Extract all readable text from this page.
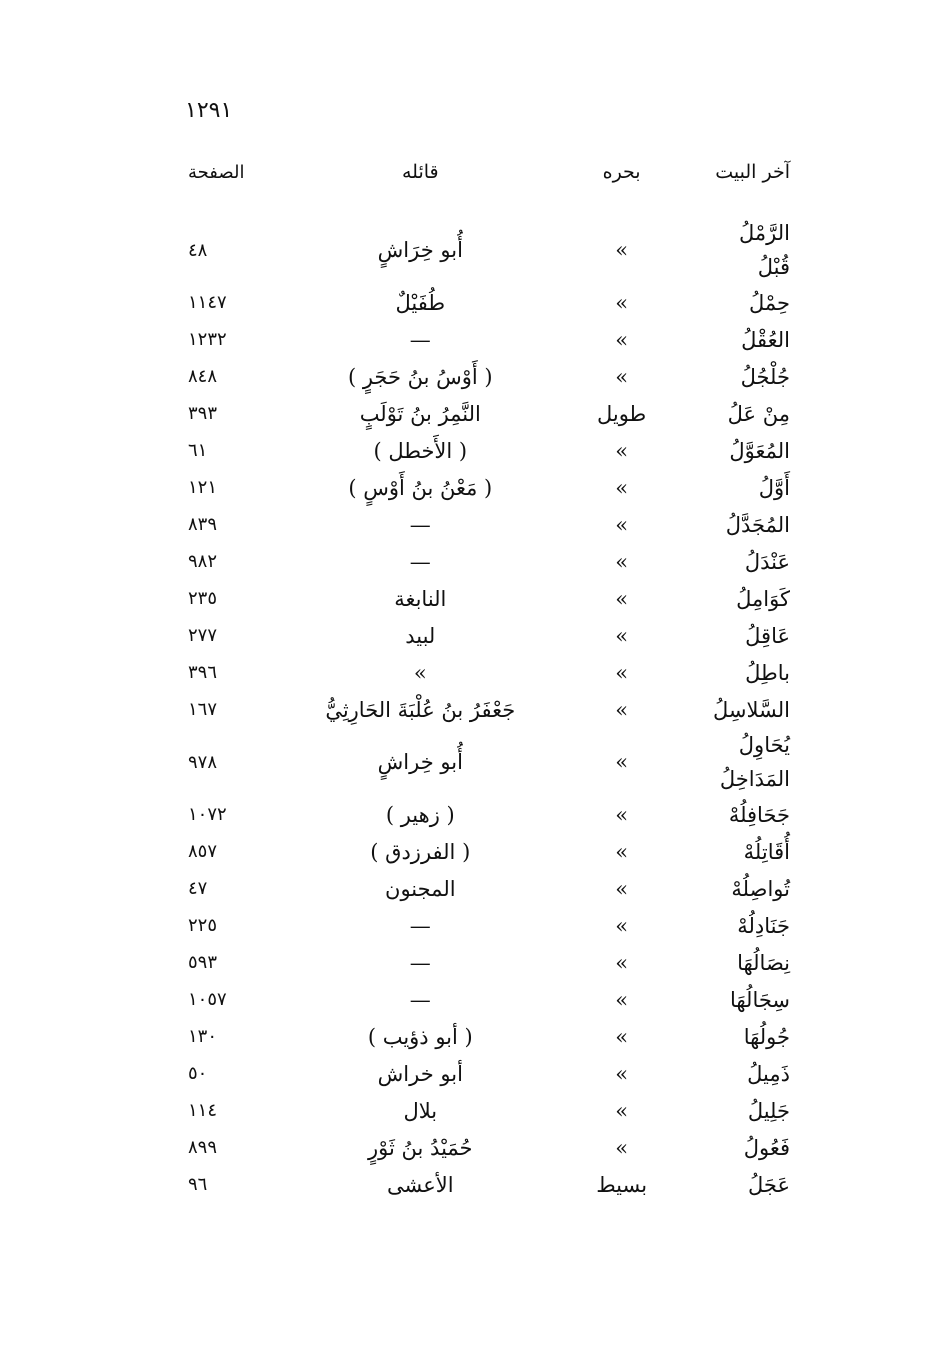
١٢٩١
آخر البيت	بحره	قائله	الصفحة

الرَّمْلُ
قُبْلُ	»	أُبو خِرَاشٍ	٤٨

حِمْلُ	»	طُفَيْلٌ	١١٤٧

العُقْلُ	»	—	١٢٣٢

جُلْجُلُ	»	( أَوْسُ بنُ حَجَرٍ )	٨٤٨

مِنْ عَلُ	طويل	النَّمِرُ بنُ تَوْلَبٍ	٣٩٣

المُعَوَّلُ	»	( الأَخطل )	٦١

أَوَّلُ	»	( مَعْنُ بنُ أَوْسٍ )	١٢١

المُجَدَّلُ	»	—	٨٣٩

عَنْدَلُ	»	—	٩٨٢

كَوَامِلُ	»	النابغة	٢٣٥

عَاقِلُ	»	لبيد	٢٧٧

باطِلُ	»	»	٣٩٦

السَّلاسِلُ	»	جَعْفَرُ بنُ عُلْبَةَ الحَارِثِيُّ	١٦٧

يُحَاوِلُ
المَدَاخِلُ	»	أُبو خِراشٍ	٩٧٨

جَحَافِلُهْ	»	( زهير )	١٠٧٢

أُقَاتِلُهْ	»	( الفرزدق )	٨٥٧

تُواصِلُهْ	»	المجنون	٤٧

جَنَادِلُهْ	»	—	٢٢٥

نِصَالُهَا	»	—	٥٩٣

سِجَالُهَا	»	—	١٠٥٧

جُولُهَا	»	( أبو ذؤيب )	١٣٠

ذَمِيلُ	»	أبو خراش	٥٠

جَلِيلُ	»	بلال	١١٤

فَعُولُ	»	حُمَيْدُ بنُ ثَوْرٍ	٨٩٩

عَجَلُ	بسيط	الأعشى	٩٦
